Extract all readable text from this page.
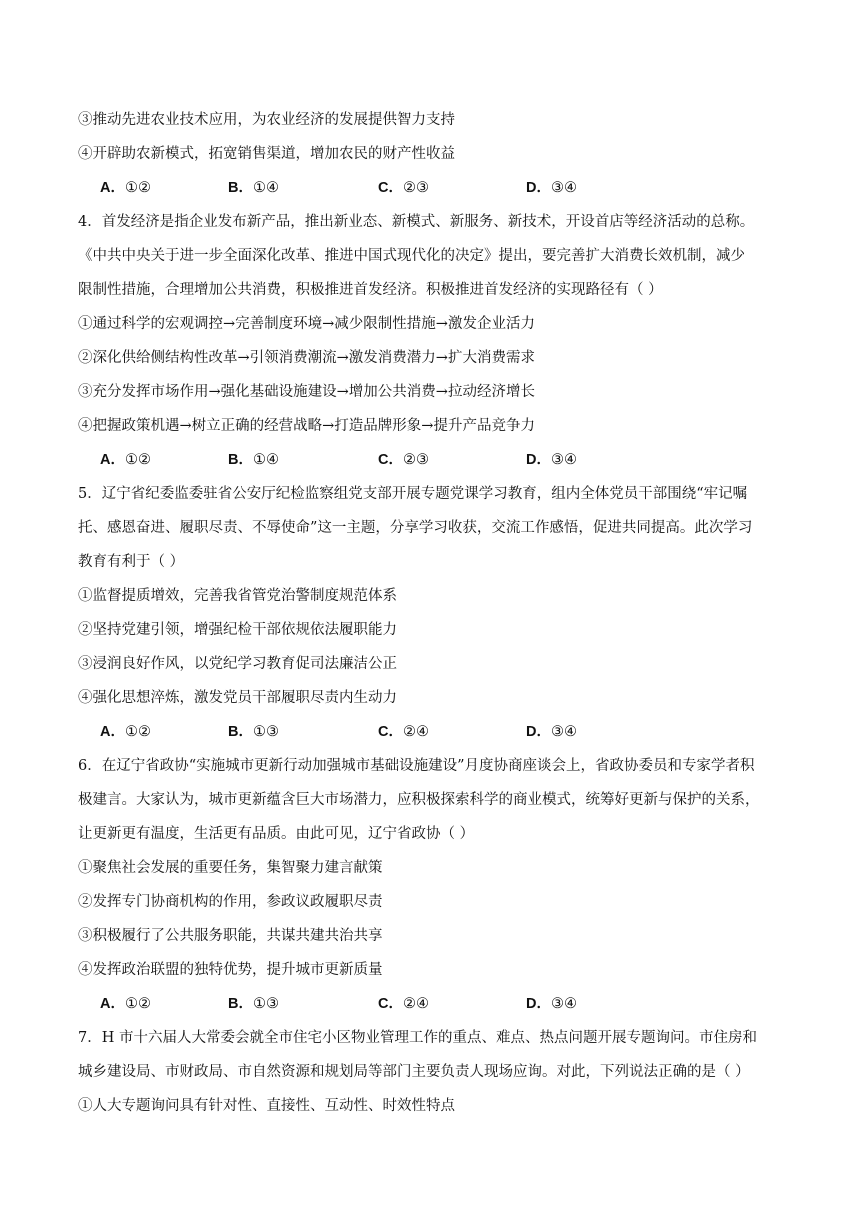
③推动先进农业技术应用，为农业经济的发展提供智力支持
④开辟助农新模式，拓宽销售渠道，增加农民的财产性收益
A．①②	B．①④	C．②③	D．③④
4．首发经济是指企业发布新产品，推出新业态、新模式、新服务、新技术，开设首店等经济活动的总称。
《中共中央关于进一步全面深化改革、推进中国式现代化的决定》提出，要完善扩大消费长效机制，减少
限制性措施，合理增加公共消费，积极推进首发经济。积极推进首发经济的实现路径有（ ）
①通过科学的宏观调控→完善制度环境→减少限制性措施→激发企业活力
②深化供给侧结构性改革→引领消费潮流→激发消费潜力→扩大消费需求
③充分发挥市场作用→强化基础设施建设→增加公共消费→拉动经济增长
④把握政策机遇→树立正确的经营战略→打造品牌形象→提升产品竞争力
A．①②	B．①④	C．②③	D．③④
5．辽宁省纪委监委驻省公安厅纪检监察组党支部开展专题党课学习教育，组内全体党员干部围绕“牢记嘱
托、感恩奋进、履职尽责、不辱使命”这一主题，分享学习收获，交流工作感悟，促进共同提高。此次学习
教育有利于（ ）
①监督提质增效，完善我省管党治警制度规范体系
②坚持党建引领，增强纪检干部依规依法履职能力
③浸润良好作风，以党纪学习教育促司法廉洁公正
④强化思想淬炼，激发党员干部履职尽责内生动力
A．①②	B．①③	C．②④	D．③④
6．在辽宁省政协“实施城市更新行动加强城市基础设施建设”月度协商座谈会上，省政协委员和专家学者积
极建言。大家认为，城市更新蕴含巨大市场潜力，应积极探索科学的商业模式，统筹好更新与保护的关系，
让更新更有温度，生活更有品质。由此可见，辽宁省政协（ ）
①聚焦社会发展的重要任务，集智聚力建言献策
②发挥专门协商机构的作用，参政议政履职尽责
③积极履行了公共服务职能，共谋共建共治共享
④发挥政治联盟的独特优势，提升城市更新质量
A．①②	B．①③	C．②④	D．③④
7．H 市十六届人大常委会就全市住宅小区物业管理工作的重点、难点、热点问题开展专题询问。市住房和
城乡建设局、市财政局、市自然资源和规划局等部门主要负责人现场应询。对此，下列说法正确的是（ ）
①人大专题询问具有针对性、直接性、互动性、时效性特点
